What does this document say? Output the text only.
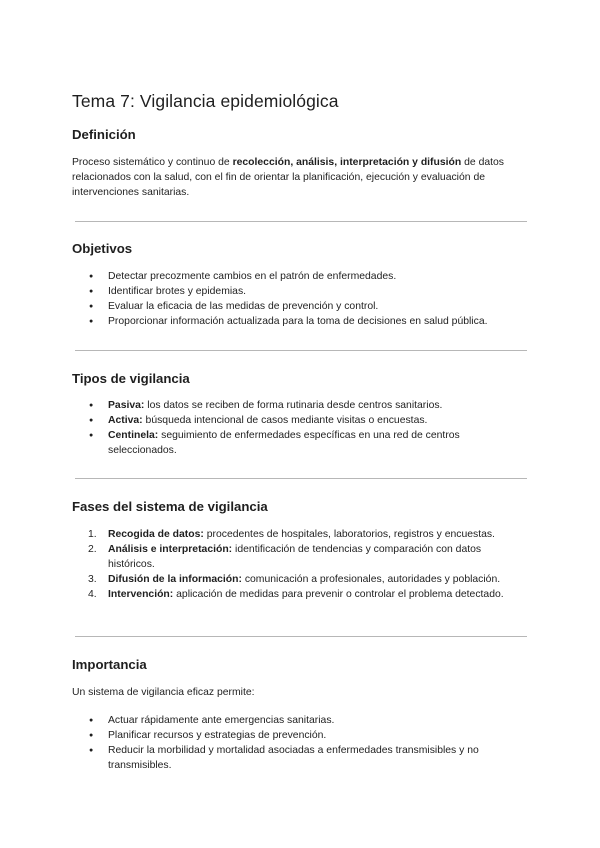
Tema 7: Vigilancia epidemiológica
Definición

Proceso sistemático y continuo de recolección, análisis, interpretación y difusión de datos relacionados con la salud, con el fin de orientar la planificación, ejecución y evaluación de intervenciones sanitarias.

Objetivos
● Detectar precozmente cambios en el patrón de enfermedades.
● Identificar brotes y epidemias.
● Evaluar la eficacia de las medidas de prevención y control.
● Proporcionar información actualizada para la toma de decisiones en salud pública.
Tipos de vigilancia
● Pasiva: los datos se reciben de forma rutinaria desde centros sanitarios.
● Activa: búsqueda intencional de casos mediante visitas o encuestas.
● Centinela: seguimiento de enfermedades específicas en una red de centros seleccionados.
Fases del sistema de vigilancia
1. Recogida de datos: procedentes de hospitales, laboratorios, registros y encuestas.
2. Análisis e interpretación: identificación de tendencias y comparación con datos históricos.
3. Difusión de la información: comunicación a profesionales, autoridades y población.
4. Intervención: aplicación de medidas para prevenir o controlar el problema detectado.
Importancia

Un sistema de vigilancia eficaz permite:

● Actuar rápidamente ante emergencias sanitarias.
● Planificar recursos y estrategias de prevención.
● Reducir la morbilidad y mortalidad asociadas a enfermedades transmisibles y no transmisibles.
